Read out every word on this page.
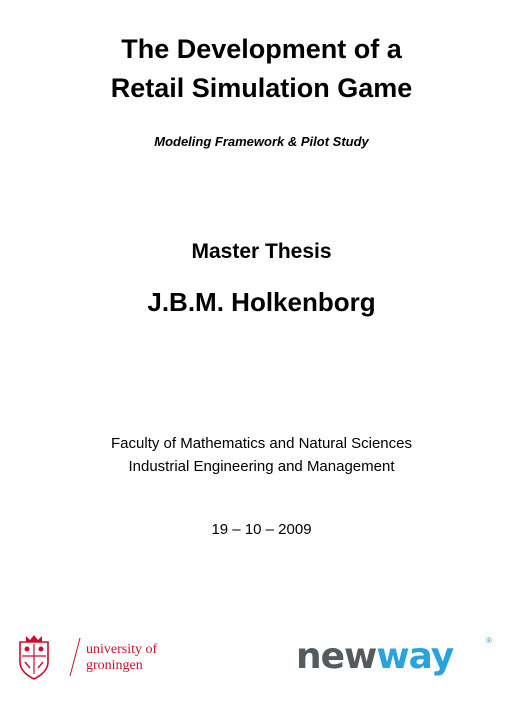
The Development of a
Retail Simulation Game
Modeling Framework & Pilot Study
Master Thesis
J.B.M. Holkenborg
Faculty of Mathematics and Natural Sciences
Industrial Engineering and Management
19 – 10 – 2009
university of
groningen	newway	®
